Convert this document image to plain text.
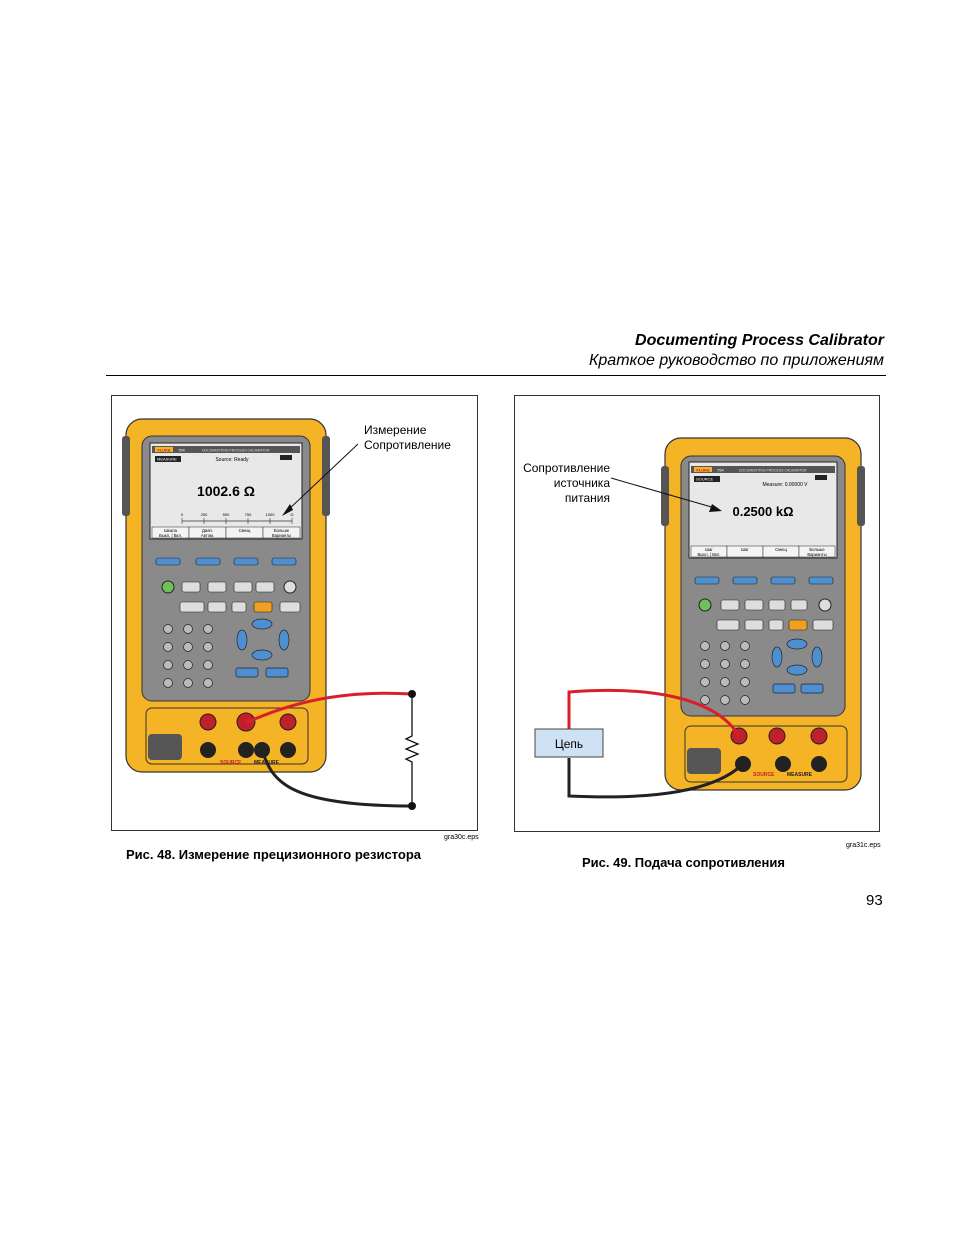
Documenting Process Calibrator
Краткое руководство по приложениям
FLUKE 754	DOCUMENTING PROCESS CALIBRATOR
MEASURE	Source: Ready
1002.6 Ω
0	250	500	750	1000	Ω
Шкала
Выкл. | Вкл.
Диап.
Автом.
Смещ	Больше
Варианты
SOURCE	MEASURE
Измерение
Сопротивление
gra30c.eps
Рис. 48. Измерение прецизионного резистора
FLUKE 754	DOCUMENTING PROCESS CALIBRATOR
SOURCE
Measure: 0.00000 V
0.2500 kΩ
Шаг
Выкл. | Вкл.
Шаг	Смещ	Больше
Варианты
SOURCE	MEASURE
Цепь
Сопротивление
источника
питания
gra31c.eps
Рис. 49. Подача сопротивления
93
